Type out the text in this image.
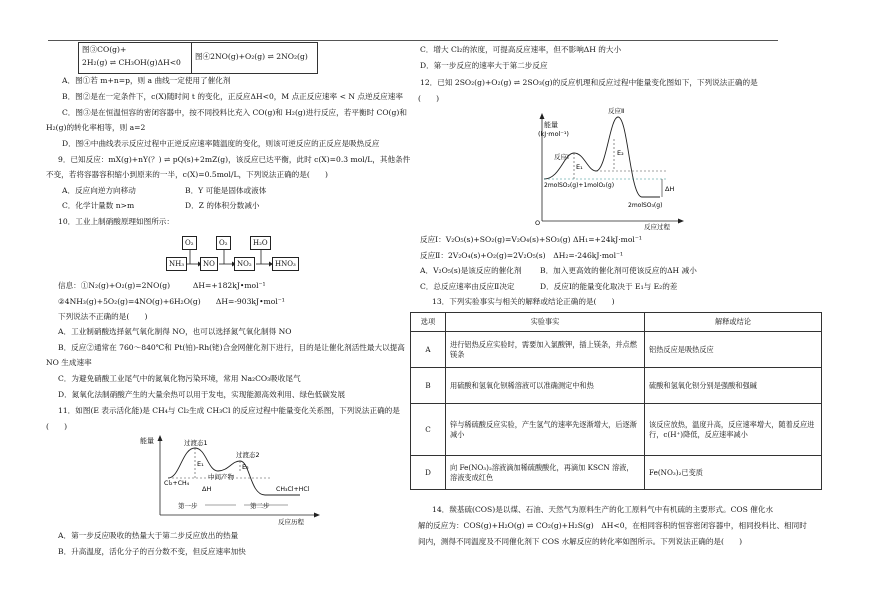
图③CO(g)+
2H₂(g) ⇌ CH₃OH(g)ΔH<0
图④2NO(g)+O₂(g) ⇌ 2NO₂(g)
A．图①若 m+n=p，则 a 曲线一定使用了催化剂
B．图②是在一定条件下，c(X)随时间 t 的变化，正反应ΔH<0，M 点正反应速率 < N 点逆反应速率
C．图③是在恒温恒容的密闭容器中，按不同投料比充入 CO(g)和 H₂(g)进行反应，若平衡时 CO(g)和
H₂(g)的转化率相等，则 a=2
D．图④中曲线表示反应过程中正逆反应速率随温度的变化，则该可逆反应的正反应是吸热反应
9．已知反应：mX(g)+nY(？) ⇌ pQ(s)+2mZ(g)，该反应已达平衡，此时 c(X)=0.3 mol/L，其他条件
不变，若将容器容积缩小到原来的一半，c(X)=0.5mol/L，下列说法正确的是(　　)
A．反应向逆方向移动	B．Y 可能是固体或液体
C．化学计量数 n>m	D．Z 的体积分数减小
10．工业上制硝酸原理如图所示：
O₂	O₂	H₂O
NH₃	NO	NO₂	HNO₃
信息：①N₂(g)+O₂(g)=2NO(g)　　　ΔH=+182kJ•mol⁻¹
②4NH₃(g)+5O₂(g)=4NO(g)+6H₂O(g)　　ΔH=-903kJ•mol⁻¹
下列说法不正确的是(　　)
A．工业制硝酸选择氨气氧化制得 NO，也可以选择氮气氧化制得 NO
B．反应②通常在 760～840℃和 Pt(铂)-Rh(铑)合金网催化剂下进行，目的是让催化剂活性最大以提高
NO 生成速率
C．为避免硝酸工业尾气中的氮氧化物污染环境，常用 Na₂CO₃吸收尾气
D．氮氧化法制硝酸产生的大量余热可以用于发电，实现能源高效利用、绿色低碳发展
11．如图(E 表示活化能)是 CH₄与 Cl₂生成 CH₃Cl 的反应过程中能量变化关系图，下列说法正确的是
(　　)
能量	过渡态1
过渡态2
中间产物
E₁	E₂
ΔH
Cl₂+CH₄
CH₃Cl+HCl
第一步	第二步
反应历程
A．第一步反应吸收的热量大于第二步反应放出的热量
B．升高温度，活化分子的百分数不变，但反应速率加快
C．增大 Cl₂的浓度，可提高反应速率，但不影响ΔH 的大小
D．第一步反应的速率大于第二步反应
12．已知 2SO₂(g)+O₂(g) ⇌ 2SO₃(g)的反应机理和反应过程中能量变化图如下，下列说法正确的是
(　　)
能量
(kJ·mol⁻¹)
反应Ⅰ
反应Ⅱ
E₁
E₂
ΔH
2molSO₂(g)+1molO₂(g)
2molSO₃(g)
O	反应过程
反应Ⅰ：V₂O₅(s)+SO₂(g)=V₂O₄(s)+SO₃(g) ΔH₁=+24kJ·mol⁻¹
反应Ⅱ：2V₂O₄(s)+O₂(g)=2V₂O₅(s)　ΔH₂=-246kJ·mol⁻¹
A．V₂O₅(s)是该反应的催化剂 B．加入更高效的催化剂可使该反应的ΔH 减小
C．总反应速率由反应Ⅱ决定	D．反应Ⅰ的能量变化取决于 E₁与 E₂的差
13．下列实验事实与相关的解释或结论正确的是(　　)
选项	实验事实	解释或结论
A	进行铝热反应实验时，需要加入氯酸钾，插上镁条，并点燃镁条	铝热反应是吸热反应
B	用硫酸和氢氧化钡稀溶液可以准确测定中和热	硫酸和氢氧化钡分别是强酸和强碱
C	锌与稀硫酸反应实验，产生氢气的速率先逐渐增大，后逐渐减小	该反应放热，温度升高，反应速率增大，随着反应进行，c(H⁺)降低，反应速率减小
D	向 Fe(NO₃)₂溶液滴加稀硫酸酸化，再滴加 KSCN 溶液，溶液变成红色	Fe(NO₃)₂已变质
14．羰基硫(COS)是以煤、石油、天然气为原料生产的化工原料气中有机硫的主要形式。COS 催化水
解的反应为：COS(g)+H₂O(g) ⇌ CO₂(g)+H₂S(g)　ΔH<0，在相同容积的恒容密闭容器中，相同投料比、相同时
间内，测得不同温度及不同催化剂下 COS 水解反应的转化率如图所示。下列说法正确的是(　　)
